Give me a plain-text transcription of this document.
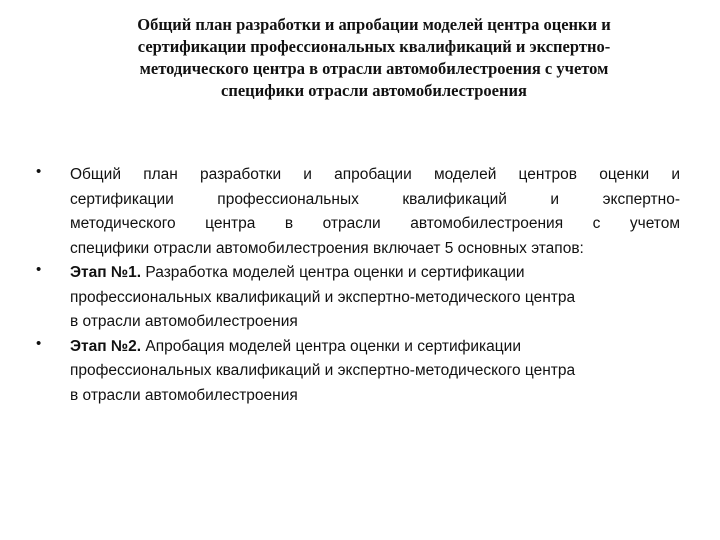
Общий план разработки и апробации моделей центра оценки и
сертификации профессиональных квалификаций и экспертно-
методического центра в отрасли автомобилестроения с учетом
специфики отрасли автомобилестроения
•	Общий план разработки и апробации моделей центров оценки и
сертификации профессиональных квалификаций и экспертно-
методического центра в отрасли автомобилестроения с учетом
специфики отрасли автомобилестроения включает 5 основных этапов:
•	Этап №1. Разработка моделей центра оценки и сертификации
профессиональных квалификаций и экспертно-методического центра
в отрасли автомобилестроения
•	Этап №2. Апробация моделей центра оценки и сертификации
профессиональных квалификаций и экспертно-методического центра
в отрасли автомобилестроения
